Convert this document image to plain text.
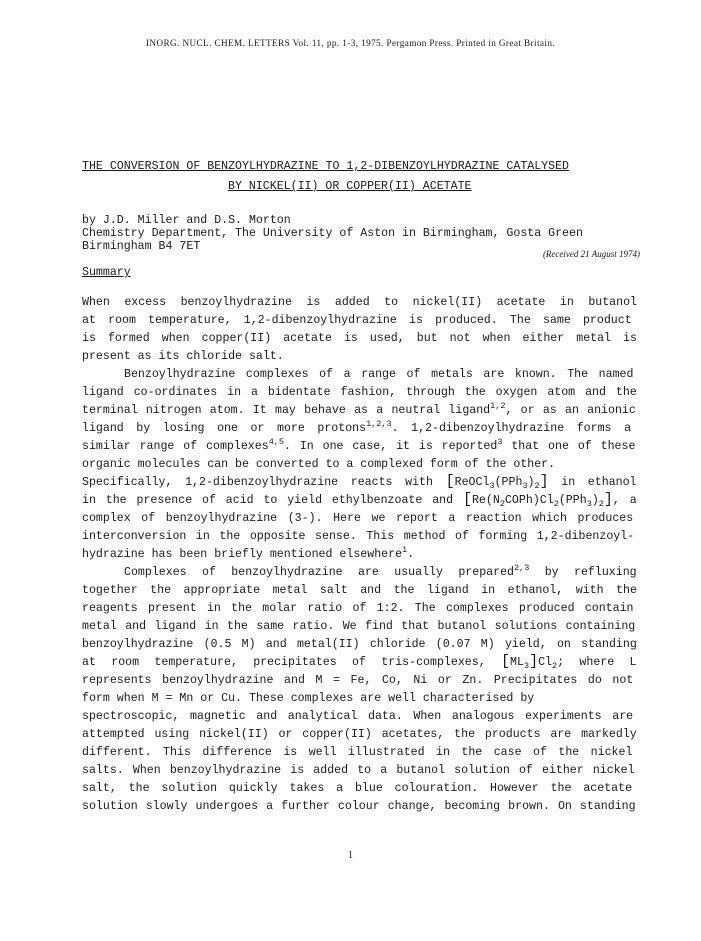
INORG. NUCL. CHEM. LETTERS Vol. 11, pp. 1-3, 1975. Pergamon Press. Printed in Great Britain.
THE CONVERSION OF BENZOYLHYDRAZINE TO 1,2-DIBENZOYLHYDRAZINE CATALYSED
BY NICKEL(II) OR COPPER(II) ACETATE
by J.D. Miller and D.S. Morton
Chemistry Department, The University of Aston in Birmingham, Gosta Green
Birmingham B4 7ET
(Received 21 August 1974)
Summary
When excess benzoylhydrazine is added to nickel(II) acetate in butanol
at room temperature, 1,2-dibenzoylhydrazine is produced. The same product
is formed when copper(II) acetate is used, but not when either metal is
present as its chloride salt.
Benzoylhydrazine complexes of a range of metals are known. The named
ligand co-ordinates in a bidentate fashion, through the oxygen atom and the
terminal nitrogen atom. It may behave as a neutral ligand$^{1,2}$, or as an anionic
ligand by losing one or more protons$^{1,2,3}$. 1,2-dibenzoylhydrazine forms a
similar range of complexes$^{4,5}$. In one case, it is reported$^3$ that one of these
organic molecules can be converted to a complexed form of the other.
Specifically, 1,2-dibenzoylhydrazine reacts with $[ReOCl_3(PPh_3)_2]$ in ethanol
in the presence of acid to yield ethylbenzoate and $[Re(N_2COPh)Cl_2(PPh_3)_2]$, a
complex of benzoylhydrazine (3-). Here we report a reaction which produces
interconversion in the opposite sense. This method of forming 1,2-dibenzoyl-
hydrazine has been briefly mentioned elsewhere$^1$.
Complexes of benzoylhydrazine are usually prepared$^{2,3}$ by refluxing
together the appropriate metal salt and the ligand in ethanol, with the
reagents present in the molar ratio of 1:2. The complexes produced contain
metal and ligand in the same ratio. We find that butanol solutions containing
benzoylhydrazine (0.5 M) and metal(II) chloride (0.07 M) yield, on standing
at room temperature, precipitates of tris-complexes, $[ML_3]Cl_2$; where L
represents benzoylhydrazine and M = Fe, Co, Ni or Zn. Precipitates do not
form when M = Mn or Cu. These complexes are well characterised by
spectroscopic, magnetic and analytical data. When analogous experiments are
attempted using nickel(II) or copper(II) acetates, the products are markedly
different. This difference is well illustrated in the case of the nickel
salts. When benzoylhydrazine is added to a butanol solution of either nickel
salt, the solution quickly takes a blue colouration. However the acetate
solution slowly undergoes a further colour change, becoming brown. On standing
1
